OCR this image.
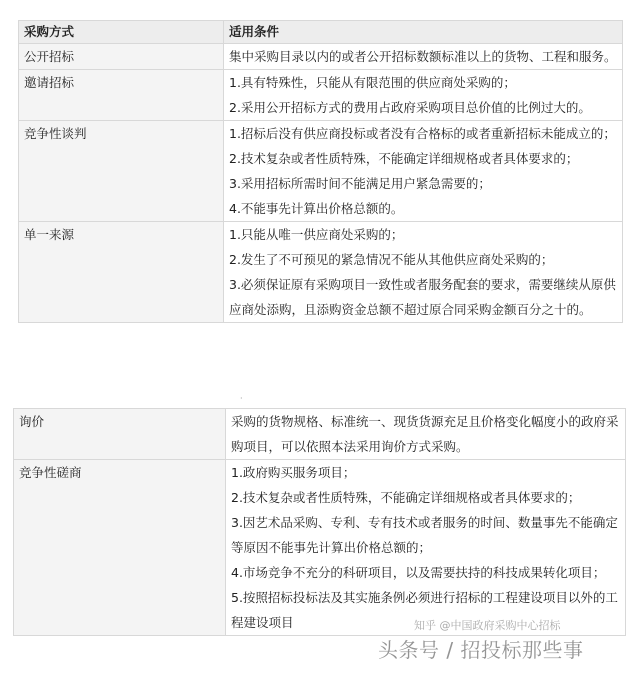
采购方式	适用条件
公开招标	集中采购目录以内的或者公开招标数额标准以上的货物、工程和服务。

邀请招标	1.具有特殊性，只能从有限范围的供应商处采购的；
2.采用公开招标方式的费用占政府采购项目总价值的比例过大的。

竞争性谈判	1.招标后没有供应商投标或者没有合格标的或者重新招标未能成立的；
2.技术复杂或者性质特殊，不能确定详细规格或者具体要求的；
3.采用招标所需时间不能满足用户紧急需要的；
4.不能事先计算出价格总额的。

单一来源	1.只能从唯一供应商处采购的；
2.发生了不可预见的紧急情况不能从其他供应商处采购的；
3.必须保证原有采购项目一致性或者服务配套的要求，需要继续从原供应商处添购，且添购资金总额不超过原合同采购金额百分之十的。
·
询价	采购的货物规格、标准统一、现货货源充足且价格变化幅度小的政府采购项目，可以依照本法采用询价方式采购。

竞争性磋商	1.政府购买服务项目；
2.技术复杂或者性质特殊，不能确定详细规格或者具体要求的；
3.因艺术品采购、专利、专有技术或者服务的时间、数量事先不能确定等原因不能事先计算出价格总额的；
4.市场竞争不充分的科研项目，以及需要扶持的科技成果转化项目；
5.按照招标投标法及其实施条例必须进行招标的工程建设项目以外的工程建设项目	知乎 @中国政府采购中心招标
头条号 / 招投标那些事
